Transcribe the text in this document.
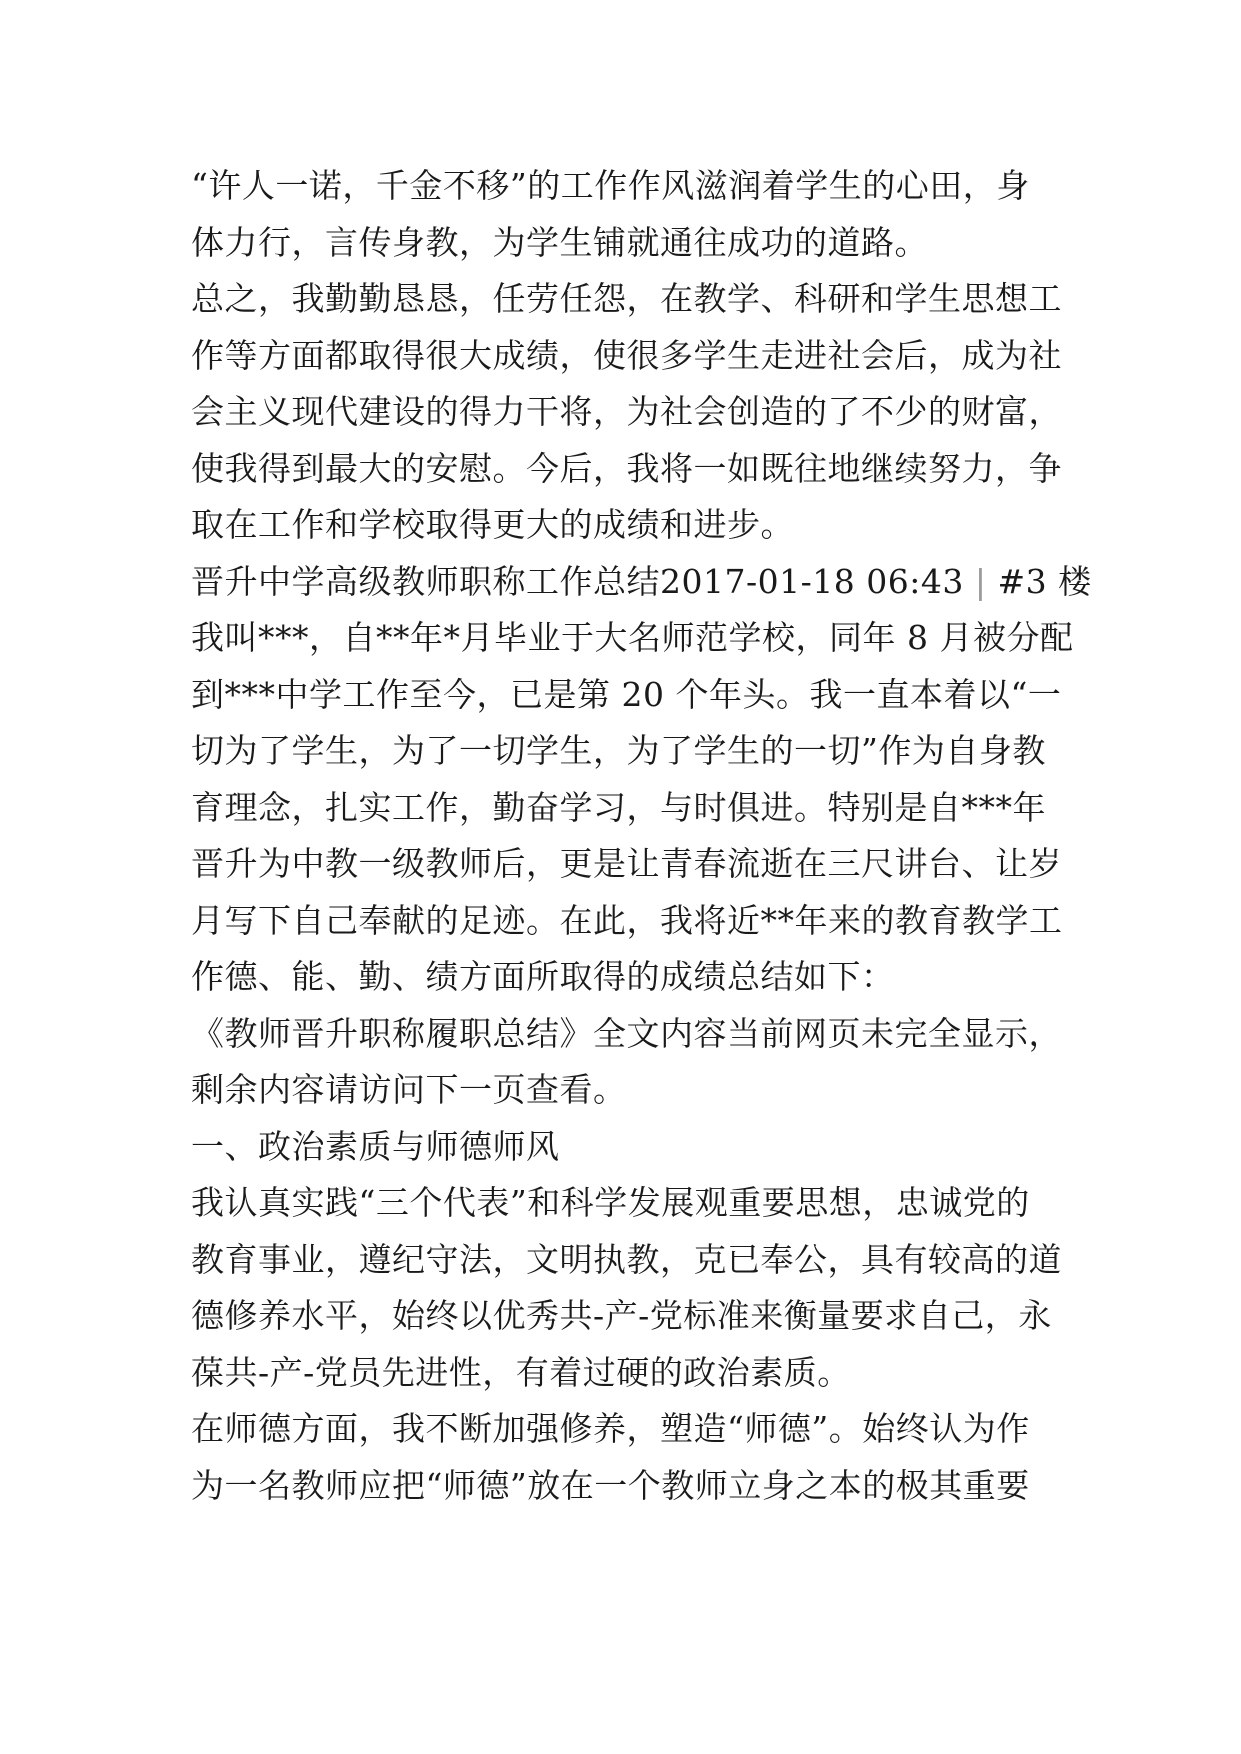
“许人一诺，千金不移”的工作作风滋润着学生的心田，身
体力行，言传身教，为学生铺就通往成功的道路。
总之，我勤勤恳恳，任劳任怨，在教学、科研和学生思想工
作等方面都取得很大成绩，使很多学生走进社会后，成为社
会主义现代建设的得力干将，为社会创造的了不少的财富，
使我得到最大的安慰。今后，我将一如既往地继续努力，争
取在工作和学校取得更大的成绩和进步。
晋升中学高级教师职称工作总结2017-01-18 06:43 | #3 楼
我叫***，自**年*月毕业于大名师范学校，同年 8 月被分配
到***中学工作至今，已是第 20 个年头。我一直本着以“一
切为了学生，为了一切学生，为了学生的一切”作为自身教
育理念，扎实工作，勤奋学习，与时俱进。特别是自***年
晋升为中教一级教师后，更是让青春流逝在三尺讲台、让岁
月写下自己奉献的足迹。在此，我将近**年来的教育教学工
作德、能、勤、绩方面所取得的成绩总结如下：
《教师晋升职称履职总结》全文内容当前网页未完全显示，
剩余内容请访问下一页查看。
一、政治素质与师德师风
我认真实践“三个代表”和科学发展观重要思想，忠诚党的
教育事业，遵纪守法，文明执教，克已奉公，具有较高的道
德修养水平，始终以优秀共-产-党标准来衡量要求自己，永
葆共-产-党员先进性，有着过硬的政治素质。
在师德方面，我不断加强修养，塑造“师德”。始终认为作
为一名教师应把“师德”放在一个教师立身之本的极其重要
